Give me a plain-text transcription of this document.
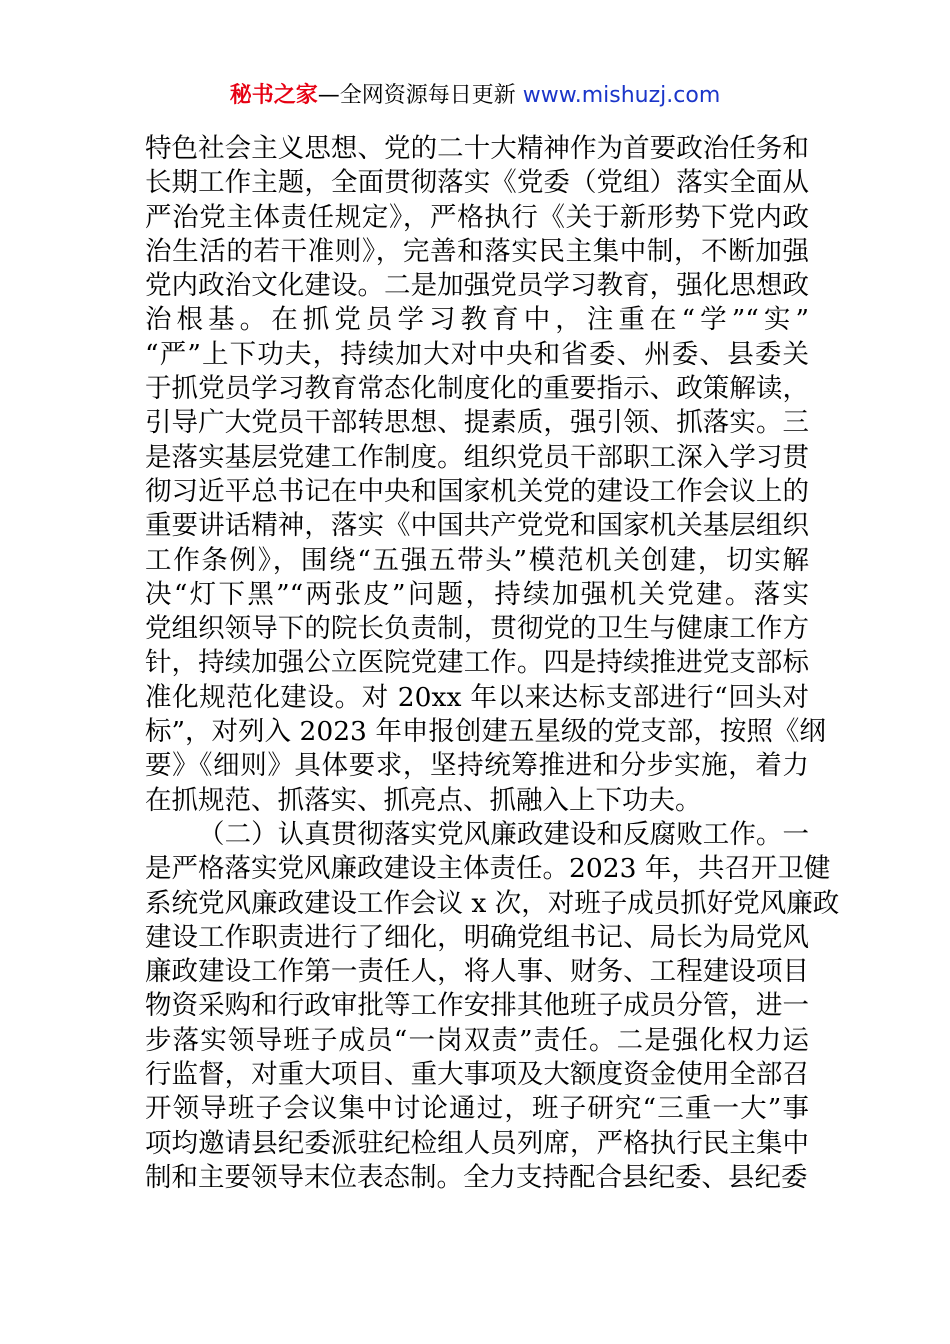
秘书之家—全网资源每日更新 www.mishuzj.com
特色社会主义思想、党的二十大精神作为首要政治任务和
长期工作主题，全面贯彻落实《党委（党组）落实全面从
严治党主体责任规定》，严格执行《关于新形势下党内政
治生活的若干准则》，完善和落实民主集中制，不断加强
党内政治文化建设。二是加强党员学习教育，强化思想政
治根基。在抓党员学习教育中，注重在“学”“实”
“严”上下功夫，持续加大对中央和省委、州委、县委关
于抓党员学习教育常态化制度化的重要指示、政策解读，
引导广大党员干部转思想、提素质，强引领、抓落实。三
是落实基层党建工作制度。组织党员干部职工深入学习贯
彻习近平总书记在中央和国家机关党的建设工作会议上的
重要讲话精神，落实《中国共产党党和国家机关基层组织
工作条例》，围绕“五强五带头”模范机关创建，切实解
决“灯下黑”“两张皮”问题，持续加强机关党建。落实
党组织领导下的院长负责制，贯彻党的卫生与健康工作方
针，持续加强公立医院党建工作。四是持续推进党支部标
准化规范化建设。对 20xx 年以来达标支部进行“回头对
标”，对列入 2023 年申报创建五星级的党支部，按照《纲
要》《细则》具体要求，坚持统筹推进和分步实施，着力
在抓规范、抓落实、抓亮点、抓融入上下功夫。
（二）认真贯彻落实党风廉政建设和反腐败工作。一
是严格落实党风廉政建设主体责任。2023 年，共召开卫健
系统党风廉政建设工作会议 x 次，对班子成员抓好党风廉政
建设工作职责进行了细化，明确党组书记、局长为局党风
廉政建设工作第一责任人，将人事、财务、工程建设项目
物资采购和行政审批等工作安排其他班子成员分管，进一
步落实领导班子成员“一岗双责”责任。二是强化权力运
行监督，对重大项目、重大事项及大额度资金使用全部召
开领导班子会议集中讨论通过，班子研究“三重一大”事
项均邀请县纪委派驻纪检组人员列席，严格执行民主集中
制和主要领导末位表态制。全力支持配合县纪委、县纪委
